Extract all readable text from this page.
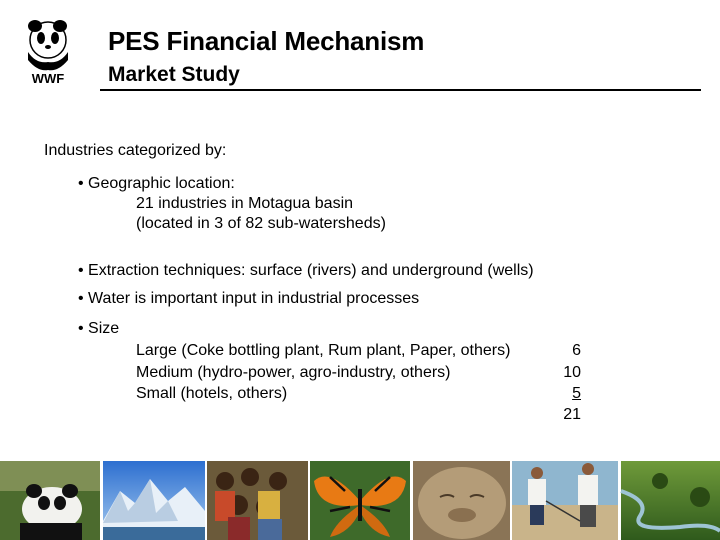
WWF
PES Financial Mechanism
Market Study
Industries categorized by:
• Geographic location:
21 industries in Motagua basin
(located in 3 of 82 sub-watersheds)
• Extraction techniques: surface (rivers) and underground (wells)
• Water is important input in industrial processes
• Size
Large (Coke bottling plant, Rum plant, Paper, others)	6
Medium (hydro-power, agro-industry, others)	10
Small (hotels, others)	5
21
